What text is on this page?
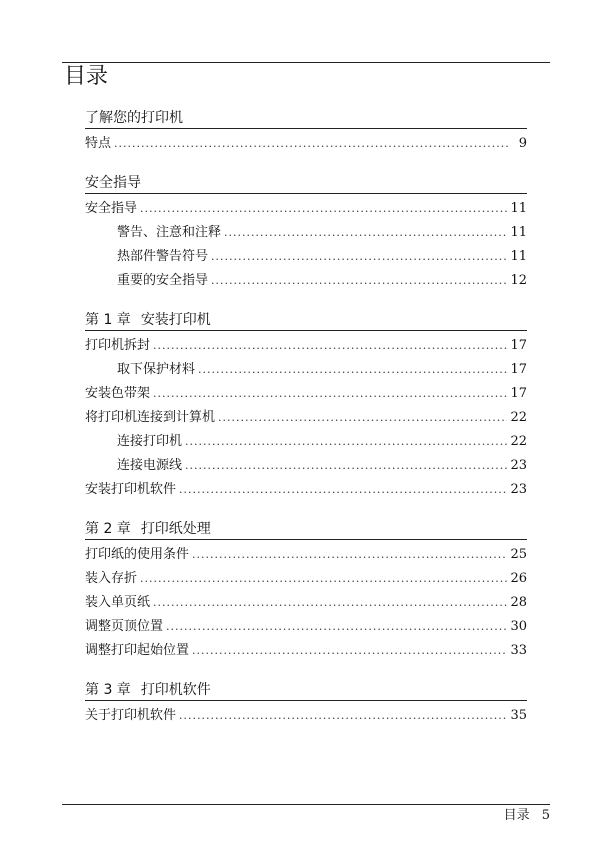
目录
了解您的打印机
特点 .....	9
安全指导
安全指导 .....	11
警告、注意和注释 .....	11
热部件警告符号 .....	11
重要的安全指导 .....	12
第 1 章 安装打印机
打印机拆封 .....	17
取下保护材料 .....	17
安装色带架 .....	17
将打印机连接到计算机 .....	22
连接打印机 .....	22
连接电源线 .....	23
安装打印机软件 .....	23
第 2 章 打印纸处理
打印纸的使用条件 .....	25
装入存折 .....	26
装入单页纸 .....	28
调整页顶位置 .....	30
调整打印起始位置 .....	33
第 3 章 打印机软件
关于打印机软件 .....	35
目录 5
